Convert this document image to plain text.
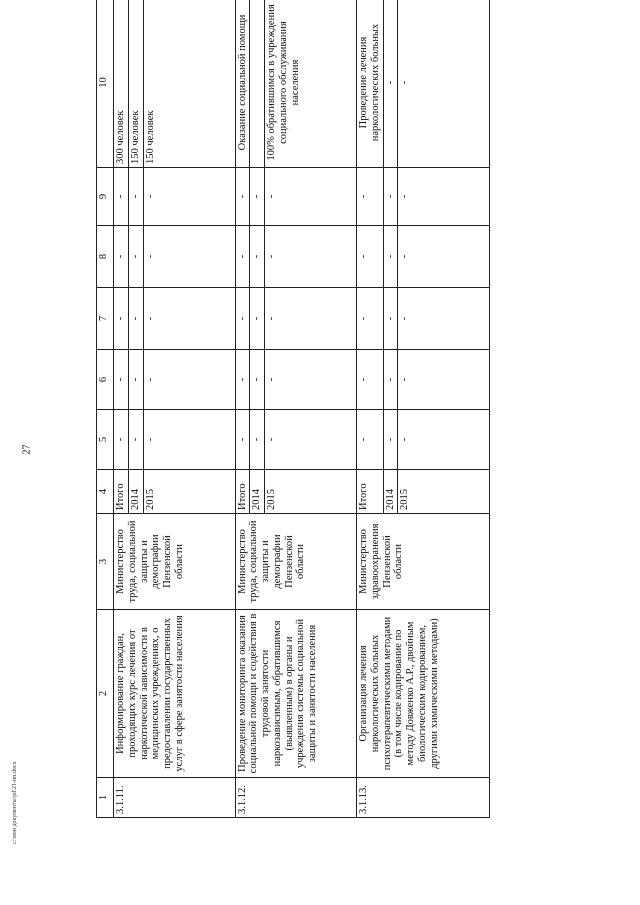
27
c:\мои документы\pd\21-пп.docx	1	2	3	4	5	6	7	8	9	10	
3.1.11.	Информирование граждан, проходящих курс лечения от наркотической зависимости в медицинских учреждениях, о предоставлении государственных услуг в сфере занятости населения	Министерство труда, социальной защиты и демографии Пензенской области	Итого	-	-	-	-	-	300 человек	
			2014	-	-	-	-	-	150 человек	
			2015	-	-	-	-	-	150 человек	
3.1.12.	Проведение мониторинга оказания социальной помощи и содействия в трудовой занятости наркозависимым, обратившимся (выявленным) в органы и учреждения системы социальной защиты и занятости населения	Министерство труда, социальной защиты и демографии Пензенской области	Итого	-	-	-	-	-	Оказание социальной помощи	
			2014	-	-	-	-	-		
			2015	-	-	-	-	-	100% обратившимся в учреждения социального обслуживания населения	
3.1.13.	Организация лечения наркологических больных психотерапевтическими методами (в том числе кодирование по методу Довженко А.Р., двойным биологическим кодированием, другими химическими методами)	Министерство здравоохранения Пензенской области	Итого	-	-	-	-	-	Проведение лечения наркологических больных	
			2014	-	-	-	-	-	-	
			2015	-	-	-	-	-	-	
